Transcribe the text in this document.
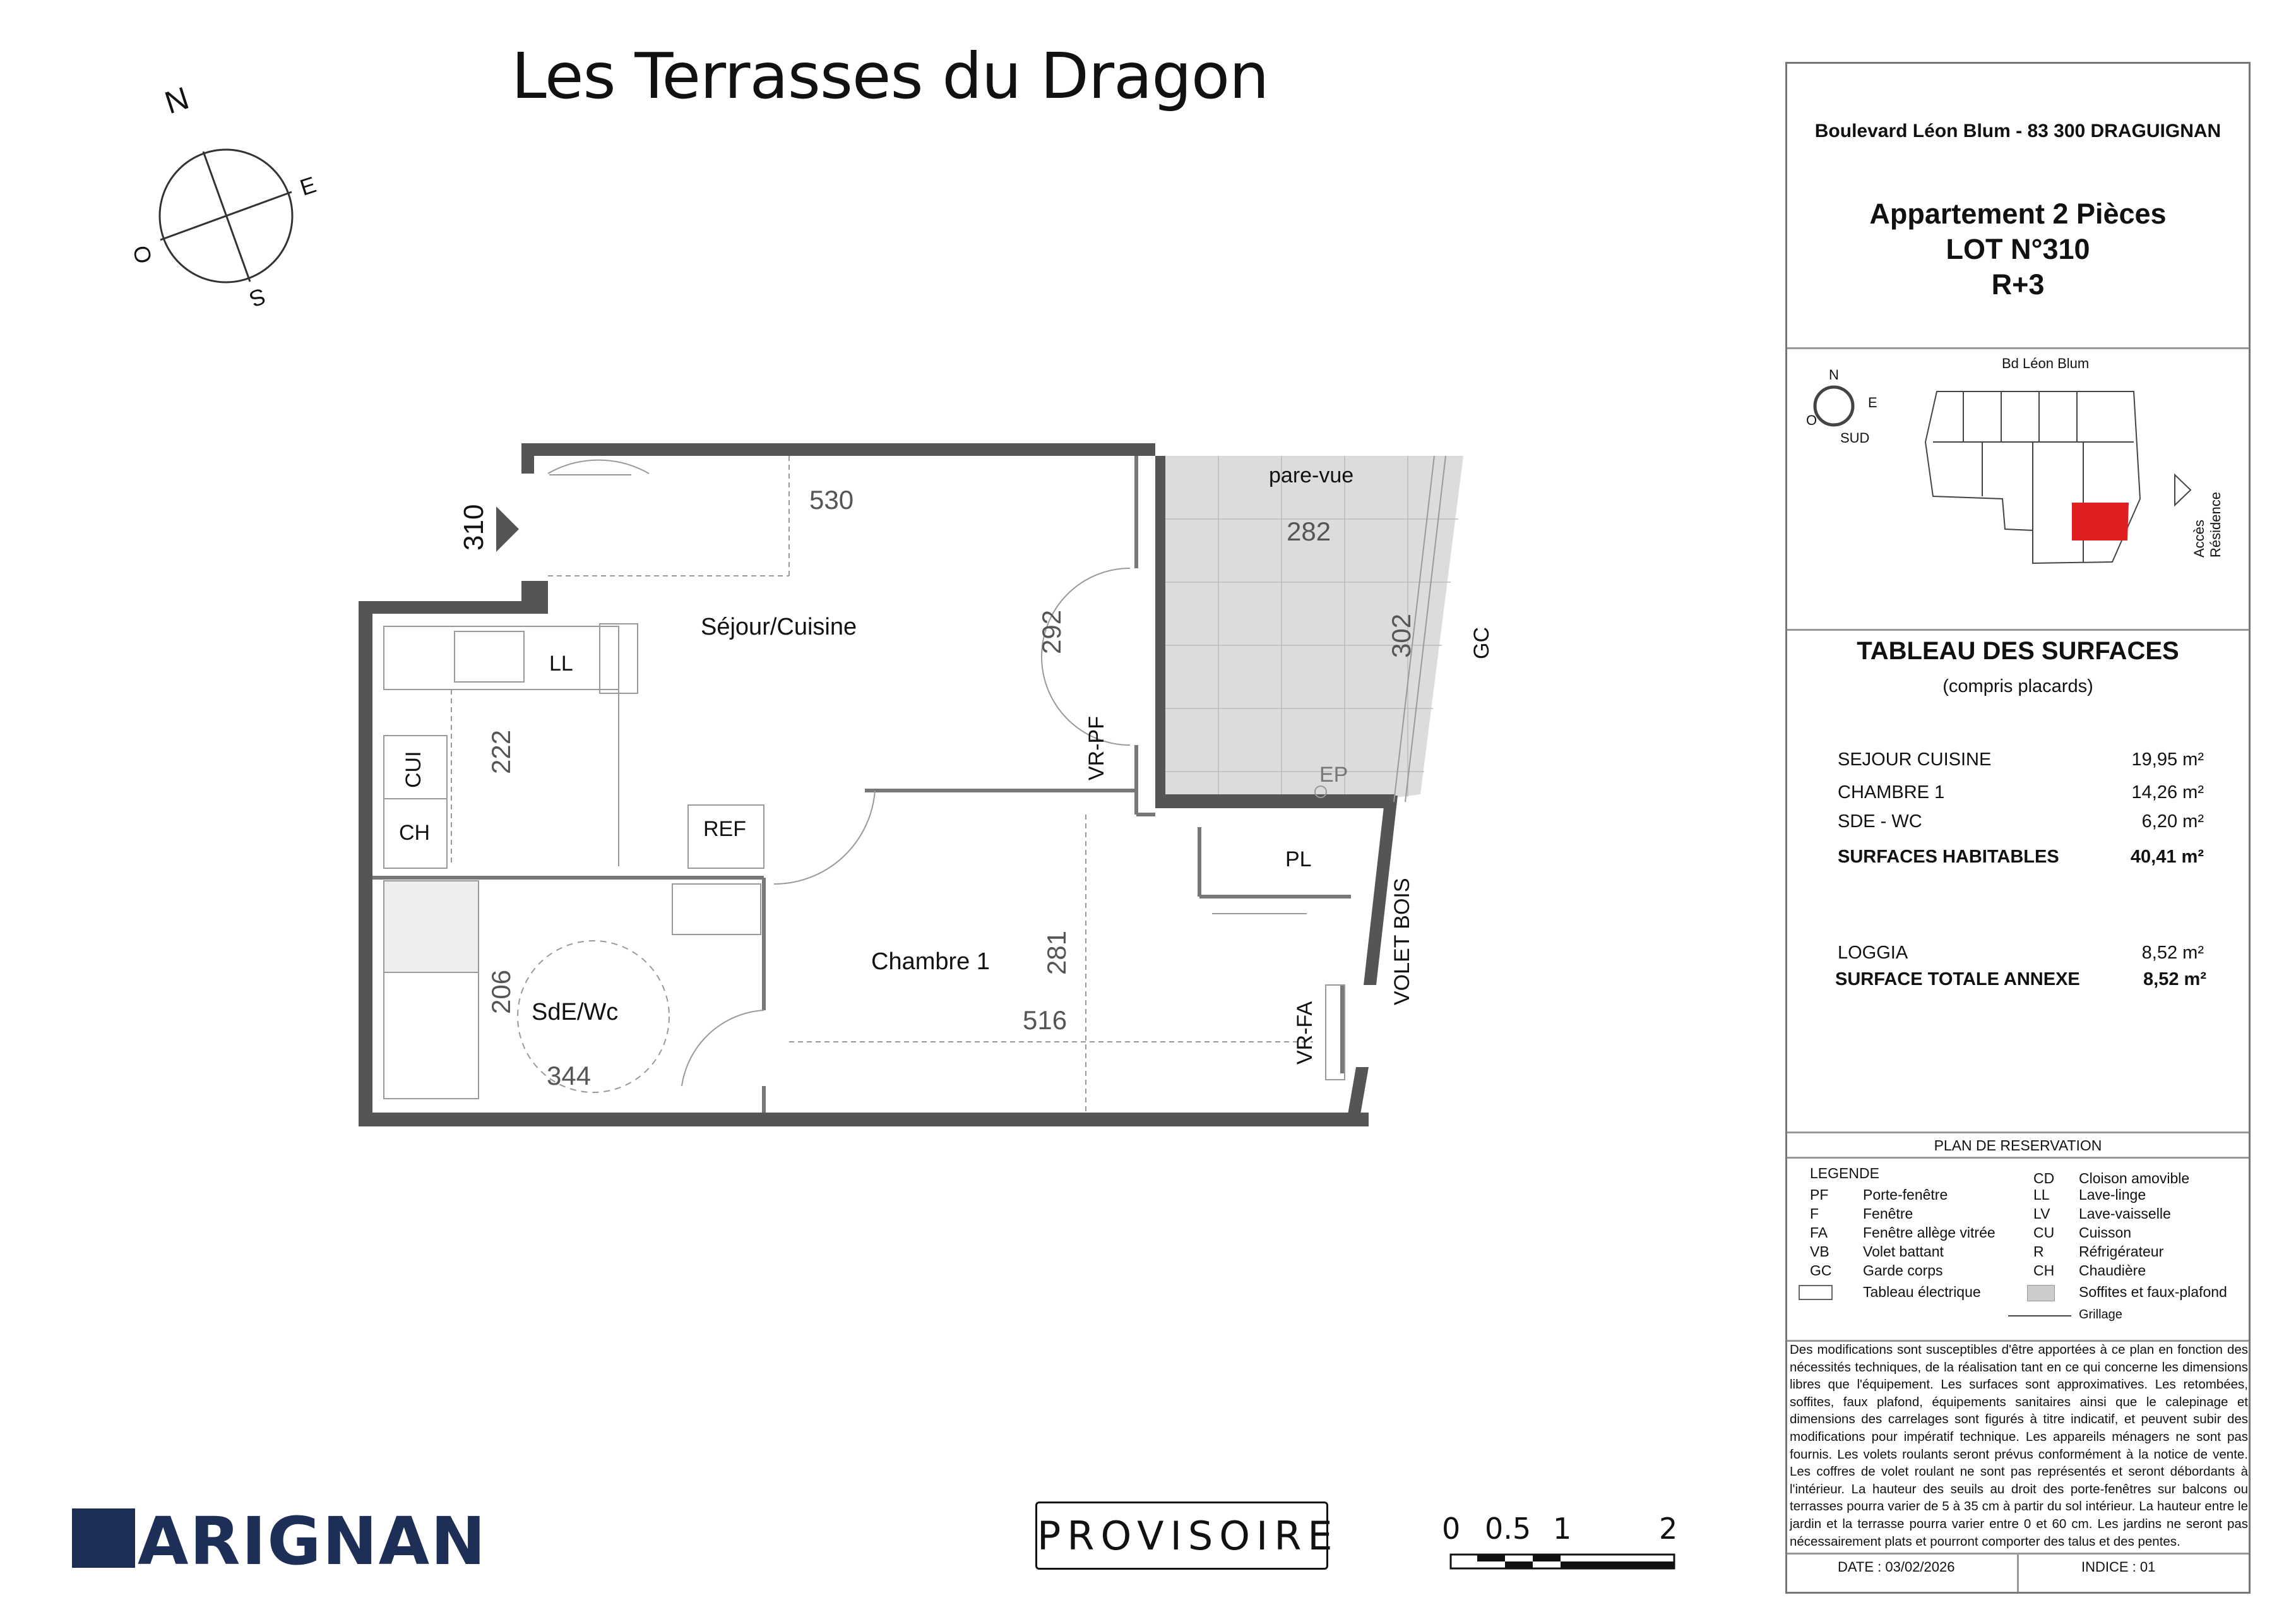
Les Terrasses du Dragon
N
E
S
O
310
Séjour/Cuisine
Chambre 1
SdE/Wc
LL
CUI
CH	REF
PL
pare-vue
EP
GC
VR-PF
VR-FA
VOLET BOIS
530
282
292	302
222
281
516
206
344
Boulevard Léon Blum - 83 300 DRAGUIGNAN
Appartement 2 Pièces
LOT N°310
R+3
Bd Léon Blum
Accès Résidence
310
N
E
O
SUD
TABLEAU DES SURFACES
(compris placards)
SEJOUR CUISINE	19,95 m²
CHAMBRE 1	14,26 m²
SDE - WC	6,20 m²
SURFACES HABITABLES	40,41 m²
LOGGIA	8,52 m²
SURFACE TOTALE ANNEXE	8,52 m²
PLAN DE RESERVATION
LEGENDE
PF Porte-fenêtre
F	Fenêtre
FA Fenêtre allège vitrée
VB Volet battant
GC Garde corps
CD Cloison amovible
LL Lave-linge
LV Lave-vaisselle
CU Cuisson
R Réfrigérateur
CH Chaudière
Tableau électrique	Soffites et faux-plafond
Grillage
Des modifications sont susceptibles d'être apportées à ce plan en fonction des nécessités techniques, de la réalisation tant en ce qui concerne les dimensions libres que l'équipement. Les surfaces sont approximatives. Les retombées, soffites, faux plafond, équipements sanitaires ainsi que le calepinage et dimensions des carrelages sont figurés à titre indicatif, et peuvent subir des modifications pour impératif technique. Les appareils ménagers ne sont pas fournis. Les volets roulants seront prévus conformément à la notice de vente. Les coffres de volet roulant ne sont pas représentés et seront débordants à l'intérieur. La hauteur des seuils au droit des porte-fenêtres sur balcons ou terrasses pourra varier de 5 à 35 cm à partir du sol intérieur. La hauteur entre le jardin et la terrasse pourra varier entre 0 et 60 cm. Les jardins ne seront pas nécessairement plats et pourront comporter des talus et des pentes.
DATE : 03/02/2026	INDICE : 01
ARIGNAN	PROVISOIRE	0 0.5 1	2
